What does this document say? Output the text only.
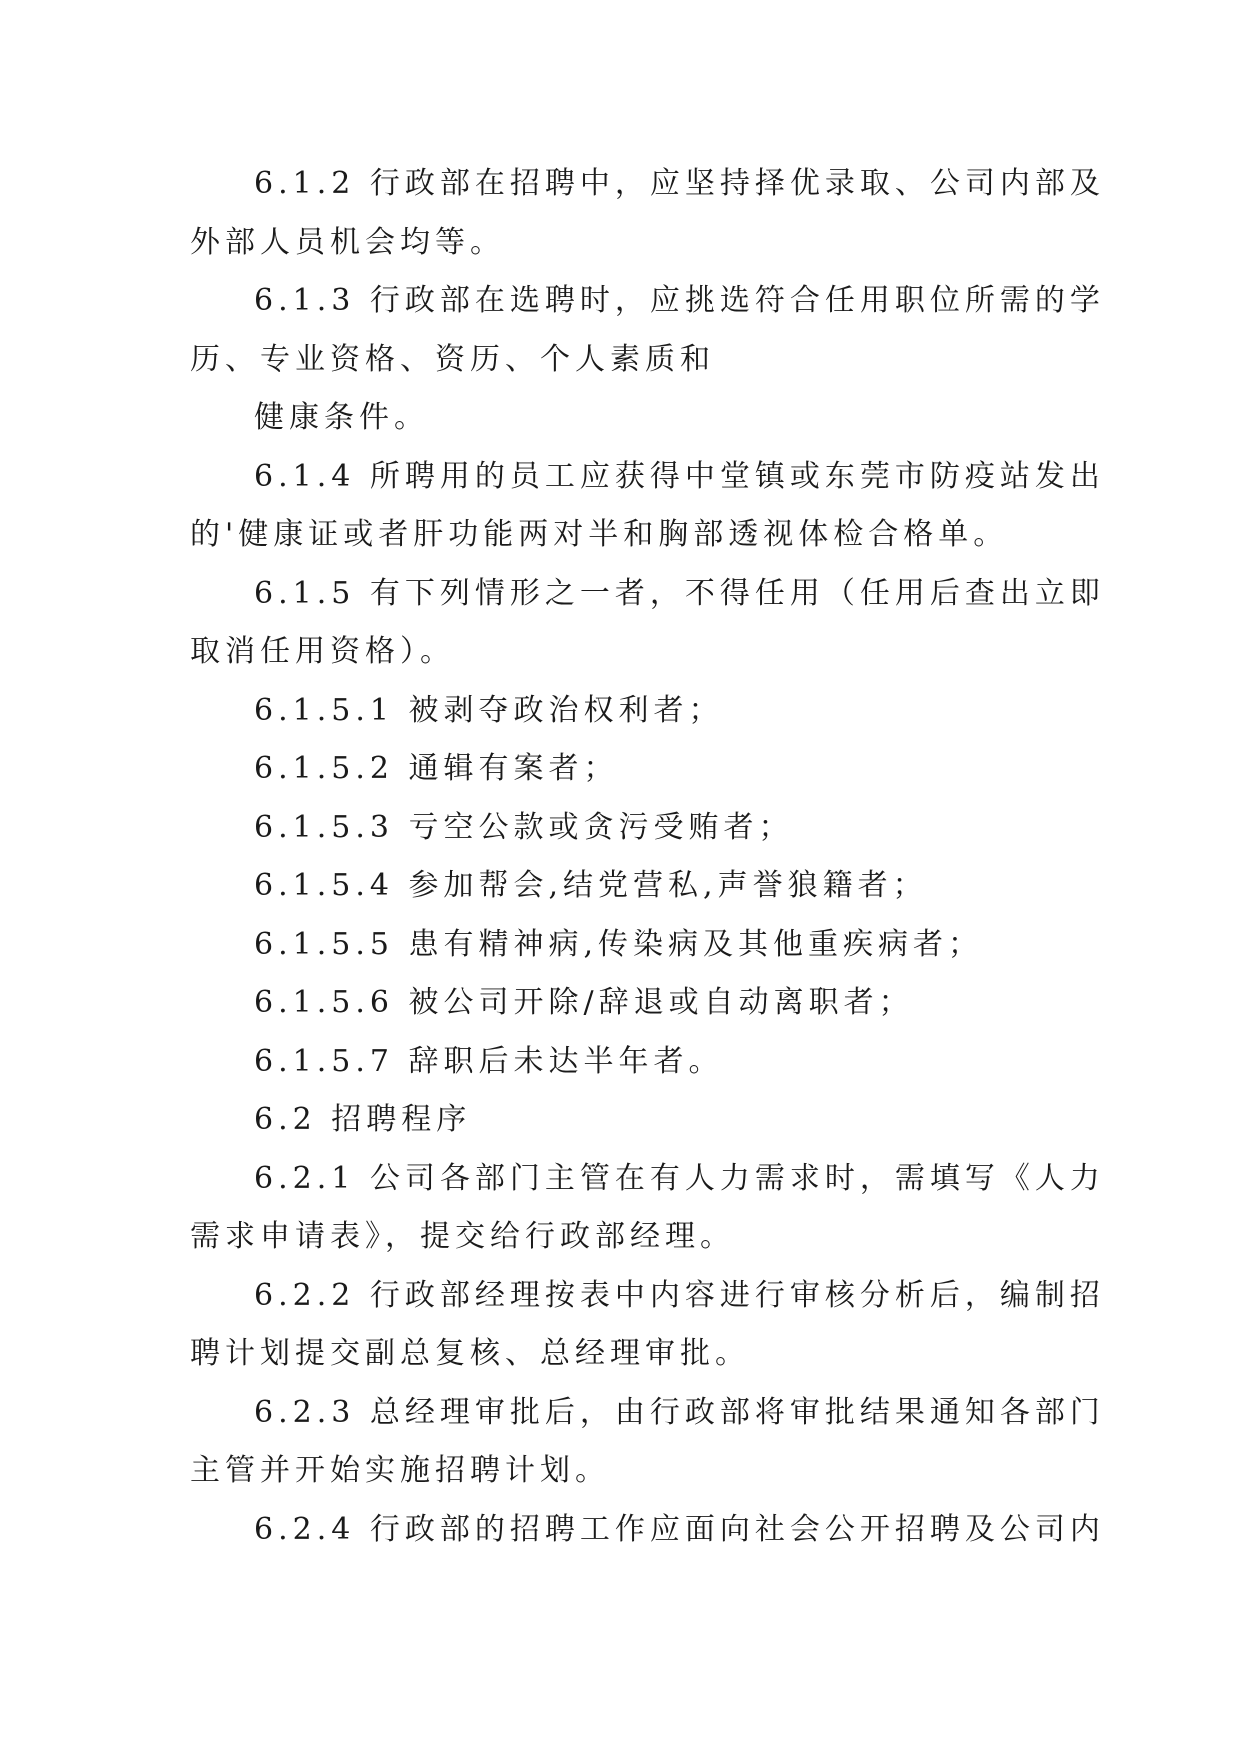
6.1.2 行政部在招聘中，应坚持择优录取、公司内部及
外部人员机会均等。
6.1.3 行政部在选聘时，应挑选符合任用职位所需的学
历、专业资格、资历、个人素质和
健康条件。
6.1.4 所聘用的员工应获得中堂镇或东莞市防疫站发出
的'健康证或者肝功能两对半和胸部透视体检合格单。
6.1.5 有下列情形之一者，不得任用（任用后查出立即
取消任用资格）。
6.1.5.1 被剥夺政治权利者；
6.1.5.2 通辑有案者；
6.1.5.3 亏空公款或贪污受贿者；
6.1.5.4 参加帮会,结党营私,声誉狼籍者；
6.1.5.5 患有精神病,传染病及其他重疾病者；
6.1.5.6 被公司开除/辞退或自动离职者；
6.1.5.7 辞职后未达半年者。
6.2 招聘程序
6.2.1 公司各部门主管在有人力需求时，需填写《人力
需求申请表》，提交给行政部经理。
6.2.2 行政部经理按表中内容进行审核分析后，编制招
聘计划提交副总复核、总经理审批。
6.2.3 总经理审批后，由行政部将审批结果通知各部门
主管并开始实施招聘计划。
6.2.4 行政部的招聘工作应面向社会公开招聘及公司内
